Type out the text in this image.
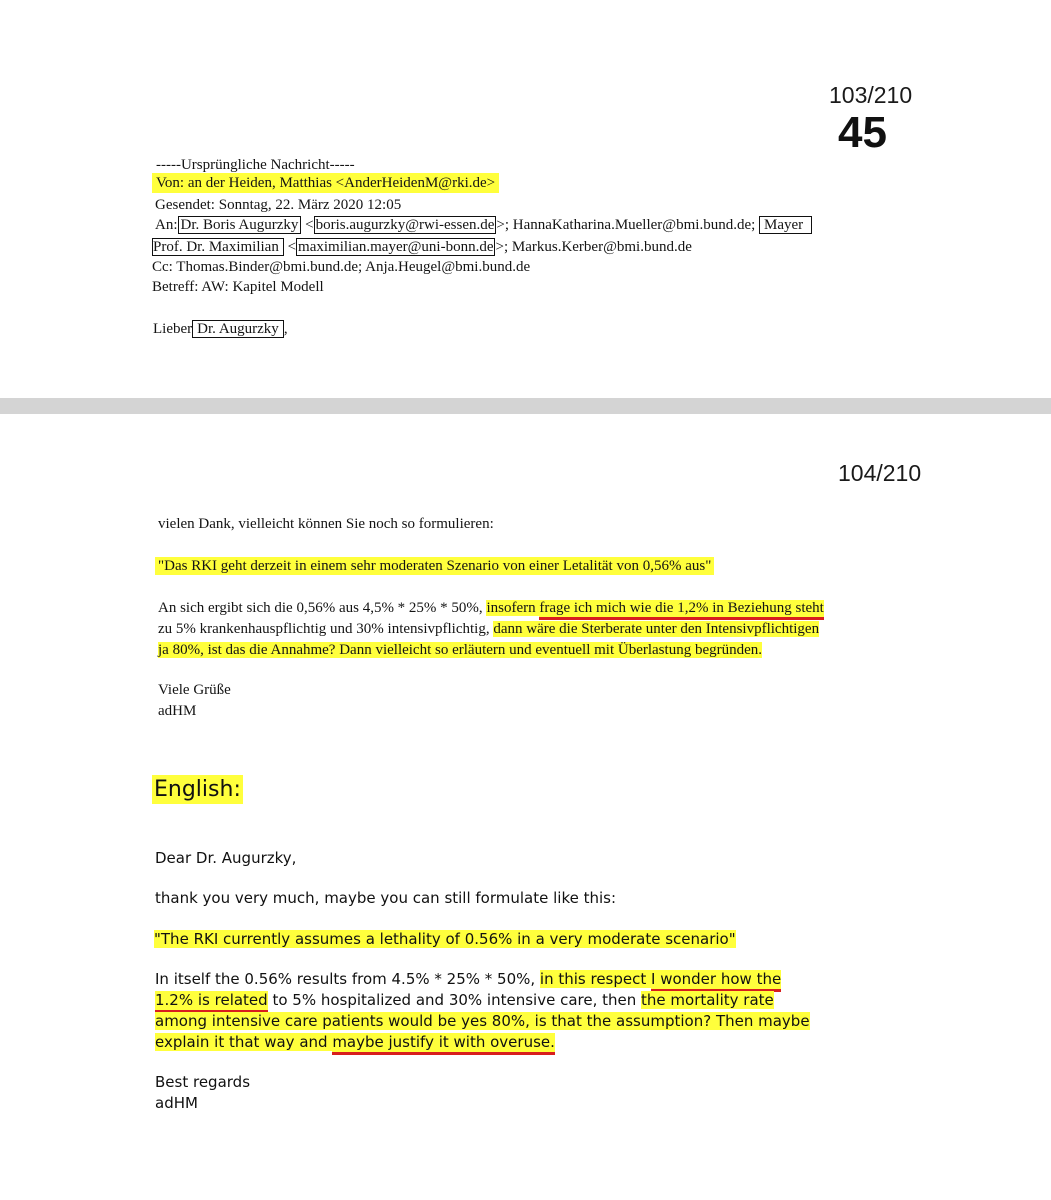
103/210
45
-----Ursprüngliche Nachricht-----
Von: an der Heiden, Matthias <AnderHeidenM@rki.de>
Gesendet: Sonntag, 22. März 2020 12:05
An: Dr. Boris Augurzky < boris.augurzky@rwi-essen.de >; HannaKatharina.Mueller@bmi.bund.de; Mayer
Prof. Dr. Maximilian < maximilian.mayer@uni-bonn.de >; Markus.Kerber@bmi.bund.de
Cc: Thomas.Binder@bmi.bund.de; Anja.Heugel@bmi.bund.de
Betreff: AW: Kapitel Modell
Lieber Dr. Augurzky ,
104/210
vielen Dank, vielleicht können Sie noch so formulieren:
"Das RKI geht derzeit in einem sehr moderaten Szenario von einer Letalität von 0,56% aus"
An sich ergibt sich die 0,56% aus 4,5% * 25% * 50%, insofern frage ich mich wie die 1,2% in Beziehung steht
zu 5% krankenhauspflichtig und 30% intensivpflichtig, dann wäre die Sterberate unter den Intensivpflichtigen
ja 80%, ist das die Annahme? Dann vielleicht so erläutern und eventuell mit Überlastung begründen.
Viele Grüße
adHM
English:
Dear Dr. Augurzky,
thank you very much, maybe you can still formulate like this:
"The RKI currently assumes a lethality of 0.56% in a very moderate scenario"
In itself the 0.56% results from 4.5% * 25% * 50%, in this respect I wonder how the
1.2% is related to 5% hospitalized and 30% intensive care, then the mortality rate
among intensive care patients would be yes 80%, is that the assumption? Then maybe
explain it that way and maybe justify it with overuse.
Best regards
adHM
